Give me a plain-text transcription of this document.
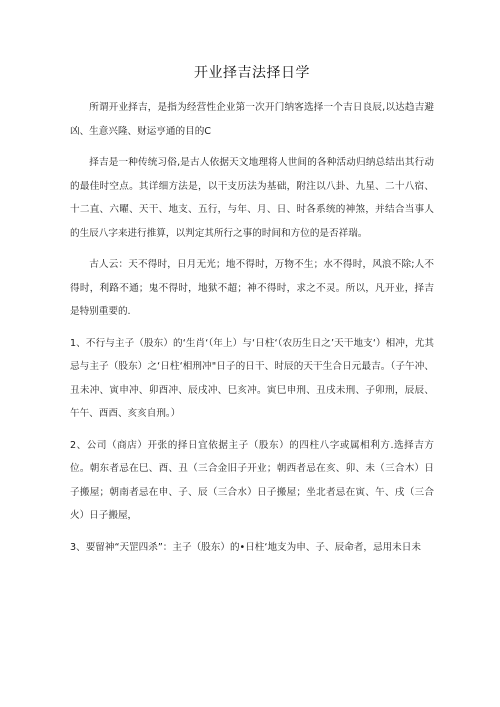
开业择吉法择日学

所谓开业择吉，是指为经营性企业第一次开门纳客选择一个吉日良辰,以达趋吉避凶、生意兴隆、财运亨通的目的C

择吉是一种传统习俗,是古人依据天文地理将人世间的各种活动归纳总结出其行动的最佳时空点。其详细方法是，以干支历法为基础，附注以八卦、九星、二十八宿、十二直、六曜、天干、地支、五行，与年、月、日、时各系统的神煞，并结合当事人的生辰八字来进行推算，以判定其所行之事的时间和方位的是否祥瑞。

古人云：天不得时，日月无光；地不得时，万物不生；水不得时，风浪不除;人不得时，利路不通；鬼不得时，地狱不超；神不得时，求之不灵。所以，凡开业，择吉是特别重要的.

1、不行与主子（股东）的‘生肖‘（年上）与‘日柱‘（农历生日之’天干地支‘）相冲，尤其忌与主子（股东）之‘日柱‘相刑冲"日子的日干、时辰的天干生合日元最吉。（子午冲、丑未冲、寅申冲、卯酉冲、辰戌冲、巳亥冲。寅巳申刑、丑戌未刑、子卯刑，辰辰、午午、酉酉、亥亥自刑。）

2、公司（商店）开张的择日宜依据主子（股东）的四柱八字或属相利方.选择吉方位。朝东者忌在巳、酉、丑（三合金旧子开业；朝西者忌在亥、卯、未（三合木）日子搬屋；朝南者忌在申、子、辰（三合水）日子搬屋；坐北者忌在寅、午、戌（三合火）日子搬屋，

3、要留神“天罡四杀”：主子（股东）的•日柱‘地支为申、子、辰命者，忌用未日未
